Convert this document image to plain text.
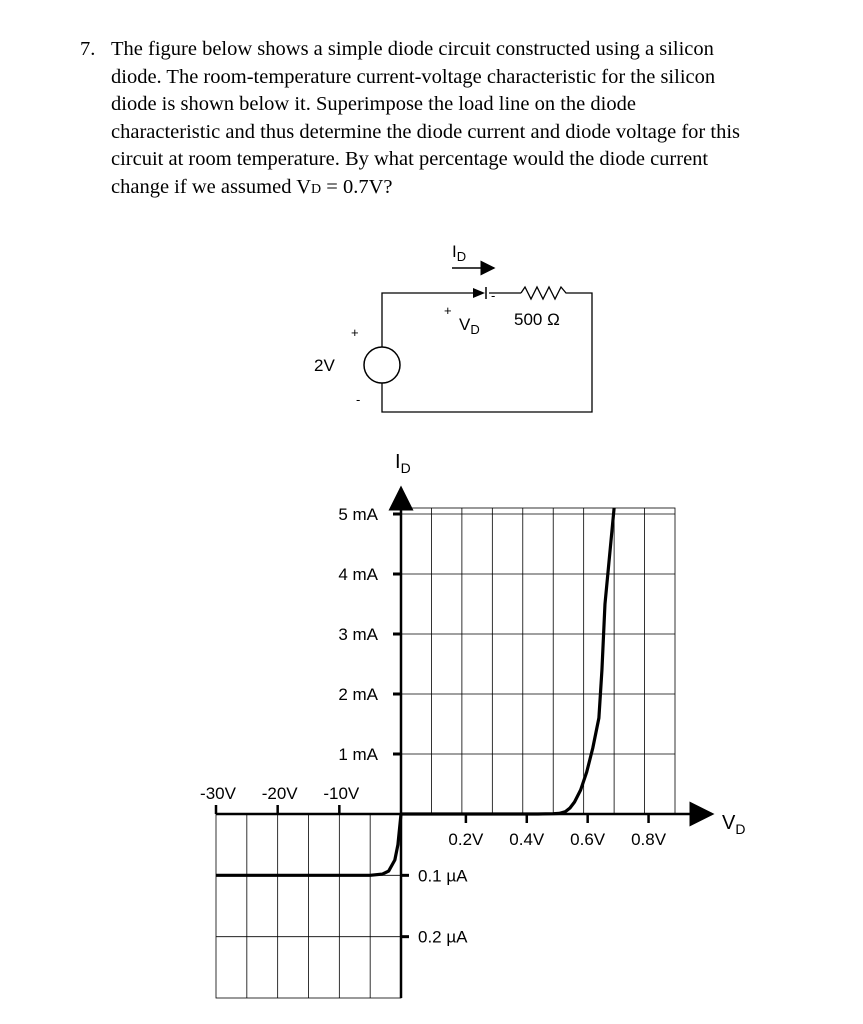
7. The figure below shows a simple diode circuit constructed using a silicon
diode. The room-temperature current-voltage characteristic for the silicon
diode is shown below it. Superimpose the load line on the diode
characteristic and thus determine the diode current and diode voltage for this
circuit at room temperature. By what percentage would the diode current
change if we assumed VD = 0.7V?
2V
+
-
+
-
$V_D$
500 Ω
$I_D$
1 mA
2 mA
3 mA
4 mA
5 mA
0.1 µA
0.2 µA
0.2V 0.4V 0.6V 0.8V
-30V -20V -10V
$I_D$
$V_D$
